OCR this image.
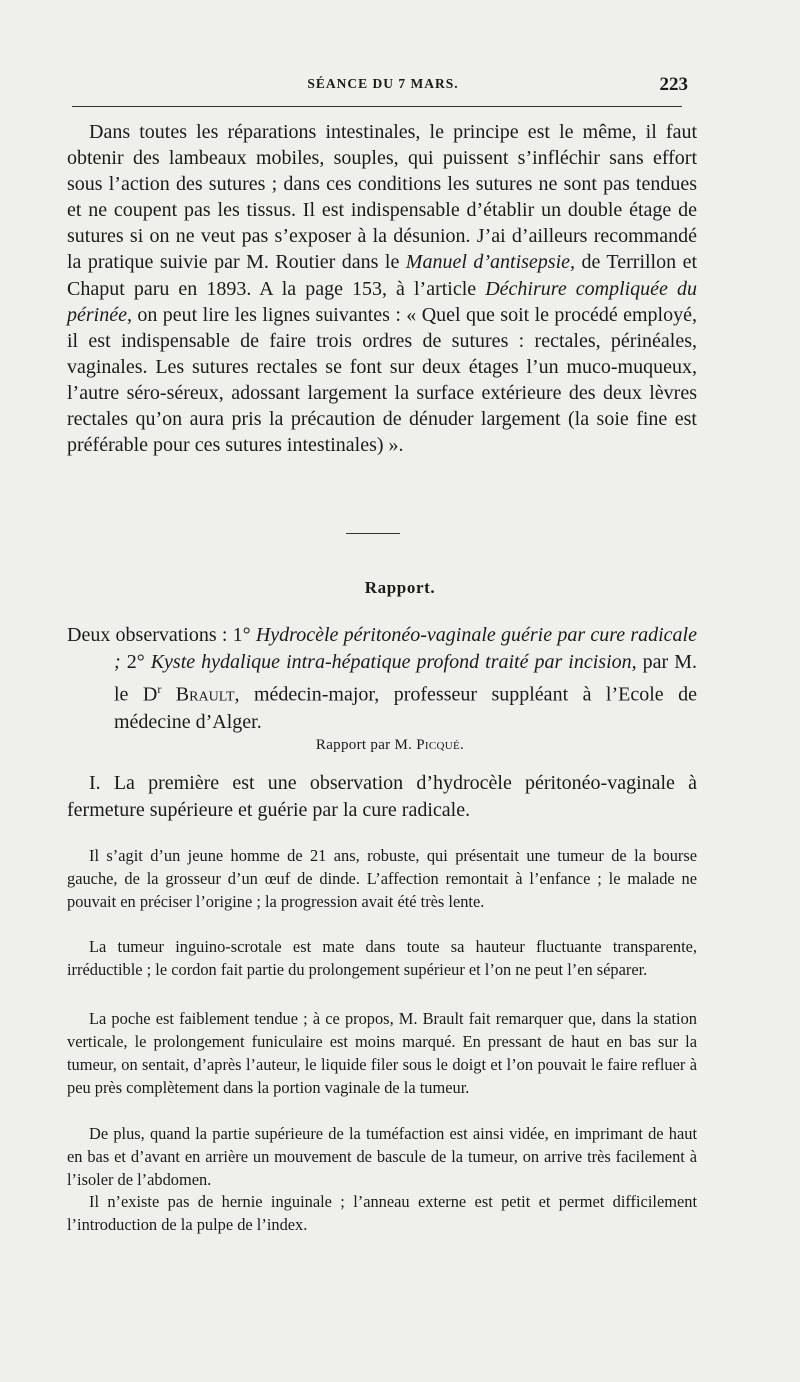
SÉANCE DU 7 MARS.	223
Dans toutes les réparations intestinales, le principe est le même, il faut obtenir des lambeaux mobiles, souples, qui puissent s’infléchir sans effort sous l’action des sutures ; dans ces conditions les sutures ne sont pas tendues et ne coupent pas les tissus. Il est indispensable d’établir un double étage de sutures si on ne veut pas s’exposer à la désunion. J’ai d’ailleurs recommandé la pratique suivie par M. Routier dans le Manuel d’antisepsie, de Terrillon et Chaput paru en 1893. A la page 153, à l’article Déchirure compliquée du périnée, on peut lire les lignes suivantes : « Quel que soit le procédé employé, il est indispensable de faire trois ordres de sutures : rectales, périnéales, vaginales. Les sutures rectales se font sur deux étages l’un muco-muqueux, l’autre séro-séreux, adossant largement la surface extérieure des deux lèvres rectales qu’on aura pris la précaution de dénuder largement (la soie fine est préférable pour ces sutures intestinales) ».
Rapport.
Deux observations : 1° Hydrocèle péritonéo-vaginale guérie par cure radicale ; 2° Kyste hydalique intra-hépatique profond traité par incision, par M. le $D^r$ Brault, médecin-major, professeur suppléant à l’Ecole de médecine d’Alger.
Rapport par M. Picqué.
I. La première est une observation d’hydrocèle péritonéo-vaginale à fermeture supérieure et guérie par la cure radicale.
Il s’agit d’un jeune homme de 21 ans, robuste, qui présentait une tumeur de la bourse gauche, de la grosseur d’un œuf de dinde. L’affection remontait à l’enfance ; le malade ne pouvait en préciser l’origine ; la progression avait été très lente.
La tumeur inguino-scrotale est mate dans toute sa hauteur fluctuante transparente, irréductible ; le cordon fait partie du prolongement supérieur et l’on ne peut l’en séparer.
La poche est faiblement tendue ; à ce propos, M. Brault fait remarquer que, dans la station verticale, le prolongement funiculaire est moins marqué. En pressant de haut en bas sur la tumeur, on sentait, d’après l’auteur, le liquide filer sous le doigt et l’on pouvait le faire refluer à peu près complètement dans la portion vaginale de la tumeur.
De plus, quand la partie supérieure de la tuméfaction est ainsi vidée, en imprimant de haut en bas et d’avant en arrière un mouvement de bascule de la tumeur, on arrive très facilement à l’isoler de l’abdomen.
Il n’existe pas de hernie inguinale ; l’anneau externe est petit et permet difficilement l’introduction de la pulpe de l’index.
